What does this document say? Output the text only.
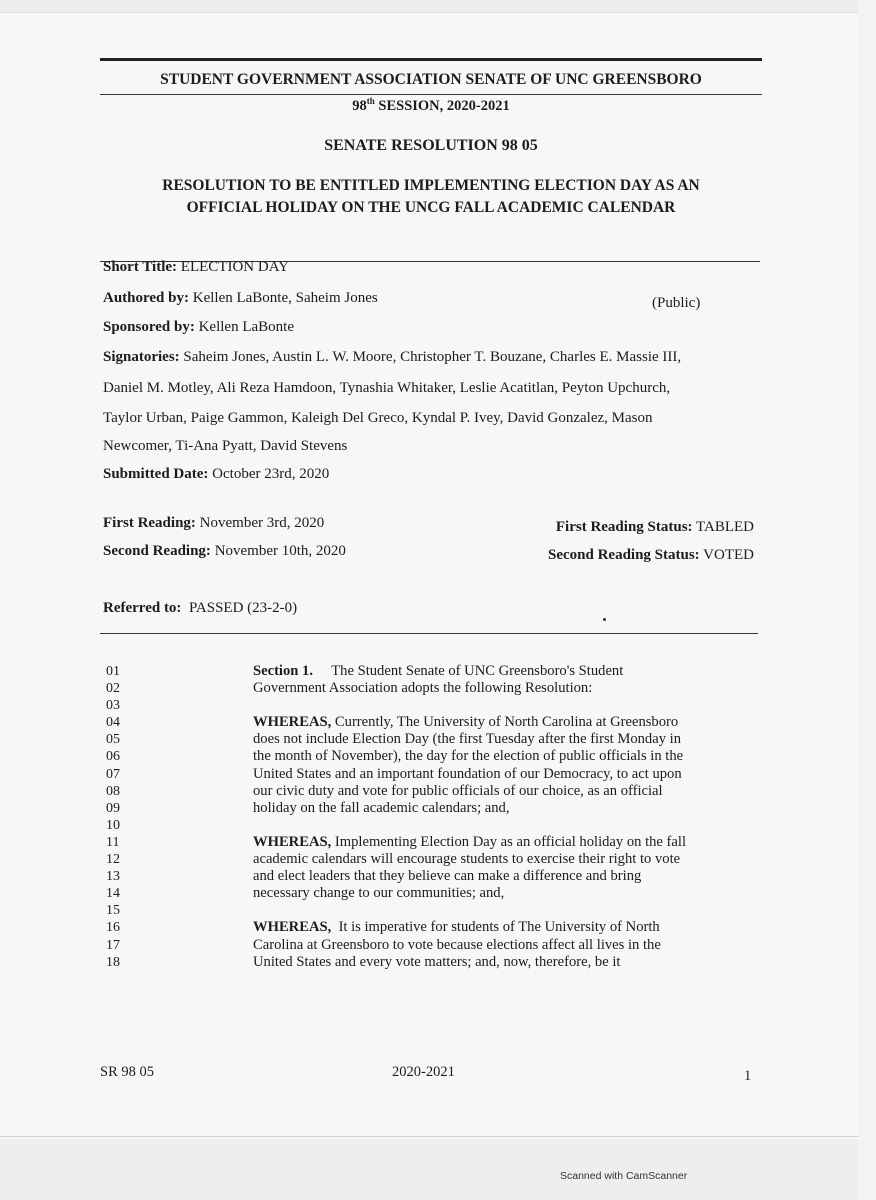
STUDENT GOVERNMENT ASSOCIATION SENATE OF UNC GREENSBORO
98th SESSION, 2020-2021
SENATE RESOLUTION 98 05
RESOLUTION TO BE ENTITLED IMPLEMENTING ELECTION DAY AS AN
OFFICIAL HOLIDAY ON THE UNCG FALL ACADEMIC CALENDAR
Short Title: ELECTION DAY
Authored by: Kellen LaBonte, Saheim Jones	(Public)
Sponsored by: Kellen LaBonte
Signatories: Saheim Jones, Austin L. W. Moore, Christopher T. Bouzane, Charles E. Massie III,
Daniel M. Motley, Ali Reza Hamdoon, Tynashia Whitaker, Leslie Acatitlan, Peyton Upchurch,
Taylor Urban, Paige Gammon, Kaleigh Del Greco, Kyndal P. Ivey, David Gonzalez, Mason
Newcomer, Ti-Ana Pyatt, David Stevens
Submitted Date: October 23rd, 2020
First Reading: November 3rd, 2020	First Reading Status: TABLED
Second Reading: November 10th, 2020	Second Reading Status: VOTED
Referred to: PASSED (23-2-0)
01
02
03
04
05
06
07
08
09
10
11
12
13
14
15
16
17
18
Section 1. The Student Senate of UNC Greensboro's Student
Government Association adopts the following Resolution:
WHEREAS, Currently, The University of North Carolina at Greensboro
does not include Election Day (the first Tuesday after the first Monday in
the month of November), the day for the election of public officials in the
United States and an important foundation of our Democracy, to act upon
our civic duty and vote for public officials of our choice, as an official
holiday on the fall academic calendars; and,
WHEREAS, Implementing Election Day as an official holiday on the fall
academic calendars will encourage students to exercise their right to vote
and elect leaders that they believe can make a difference and bring
necessary change to our communities; and,
WHEREAS,  It is imperative for students of The University of North
Carolina at Greensboro to vote because elections affect all lives in the
United States and every vote matters; and, now, therefore, be it
SR 98 05	2020-2021	1
Scanned with CamScanner
